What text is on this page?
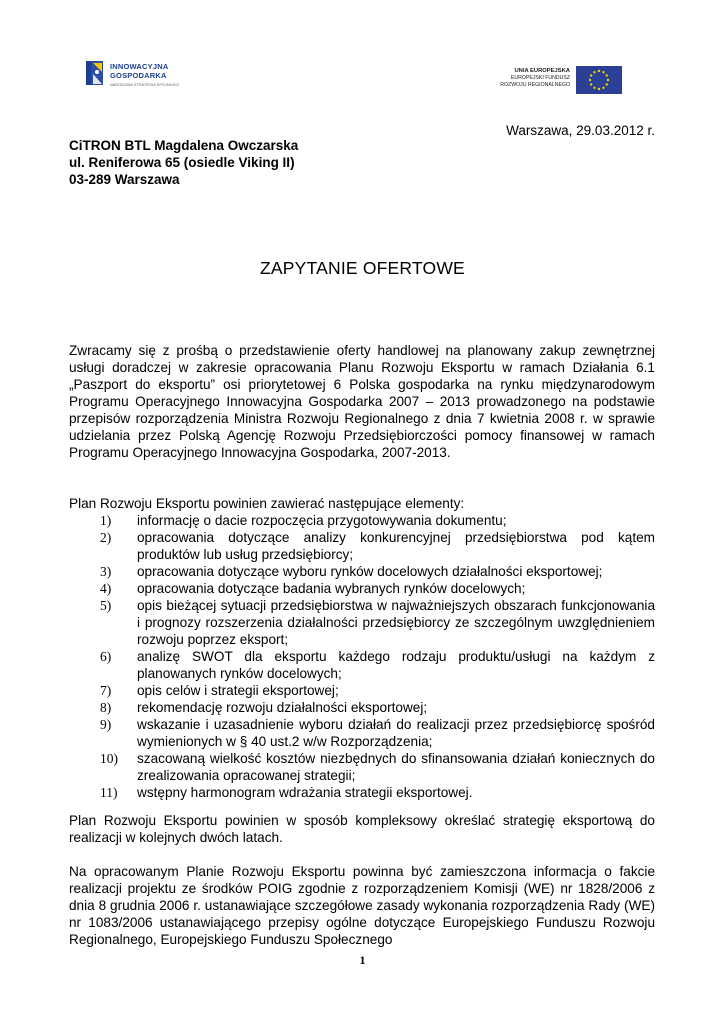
INNOWACYJNA
GOSPODARKA
NARODOWA STRATEGIA SPÓJNOŚCI
UNIA EUROPEJSKA
EUROPEJSKI FUNDUSZ
ROZWOJU REGIONALNEGO
Warszawa, 29.03.2012 r.
CiTRON BTL Magdalena Owczarska
ul. Reniferowa 65 (osiedle Viking II)
03-289 Warszawa
ZAPYTANIE OFERTOWE

Zwracamy się z prośbą o przedstawienie oferty handlowej na planowany zakup zewnętrznej usługi doradczej w zakresie opracowania Planu Rozwoju Eksportu w ramach Działania 6.1 „Paszport do eksportu” osi priorytetowej 6 Polska gospodarka na rynku międzynarodowym Programu Operacyjnego Innowacyjna Gospodarka 2007 – 2013 prowadzonego na podstawie przepisów rozporządzenia Ministra Rozwoju Regionalnego z dnia 7 kwietnia 2008 r. w sprawie udzielania przez Polską Agencję Rozwoju Przedsiębiorczości pomocy finansowej w ramach Programu Operacyjnego Innowacyjna Gospodarka, 2007-2013.

Plan Rozwoju Eksportu powinien zawierać następujące elementy:

1) informację o dacie rozpoczęcia przygotowywania dokumentu;
2) opracowania dotyczące analizy konkurencyjnej przedsiębiorstwa pod kątem produktów lub usług przedsiębiorcy;
3) opracowania dotyczące wyboru rynków docelowych działalności eksportowej;
4) opracowania dotyczące badania wybranych rynków docelowych;
5) opis bieżącej sytuacji przedsiębiorstwa w najważniejszych obszarach funkcjonowania i prognozy rozszerzenia działalności przedsiębiorcy ze szczególnym uwzględnieniem rozwoju poprzez eksport;
6) analizę SWOT dla eksportu każdego rodzaju produktu/usługi na każdym z planowanych rynków docelowych;
7) opis celów i strategii eksportowej;
8) rekomendację rozwoju działalności eksportowej;
9) wskazanie i uzasadnienie wyboru działań do realizacji przez przedsiębiorcę spośród wymienionych w § 40 ust.2 w/w Rozporządzenia;
10) szacowaną wielkość kosztów niezbędnych do sfinansowania działań koniecznych do zrealizowania opracowanej strategii;
11) wstępny harmonogram wdrażania strategii eksportowej.

Plan Rozwoju Eksportu powinien w sposób kompleksowy określać strategię eksportową do realizacji w kolejnych dwóch latach.

Na opracowanym Planie Rozwoju Eksportu powinna być zamieszczona informacja o fakcie realizacji projektu ze środków POIG zgodnie z rozporządzeniem Komisji (WE) nr 1828/2006 z dnia 8 grudnia 2006 r. ustanawiające szczegółowe zasady wykonania rozporządzenia Rady (WE) nr 1083/2006 ustanawiającego przepisy ogólne dotyczące Europejskiego Funduszu Rozwoju Regionalnego, Europejskiego Funduszu Społecznego

1
